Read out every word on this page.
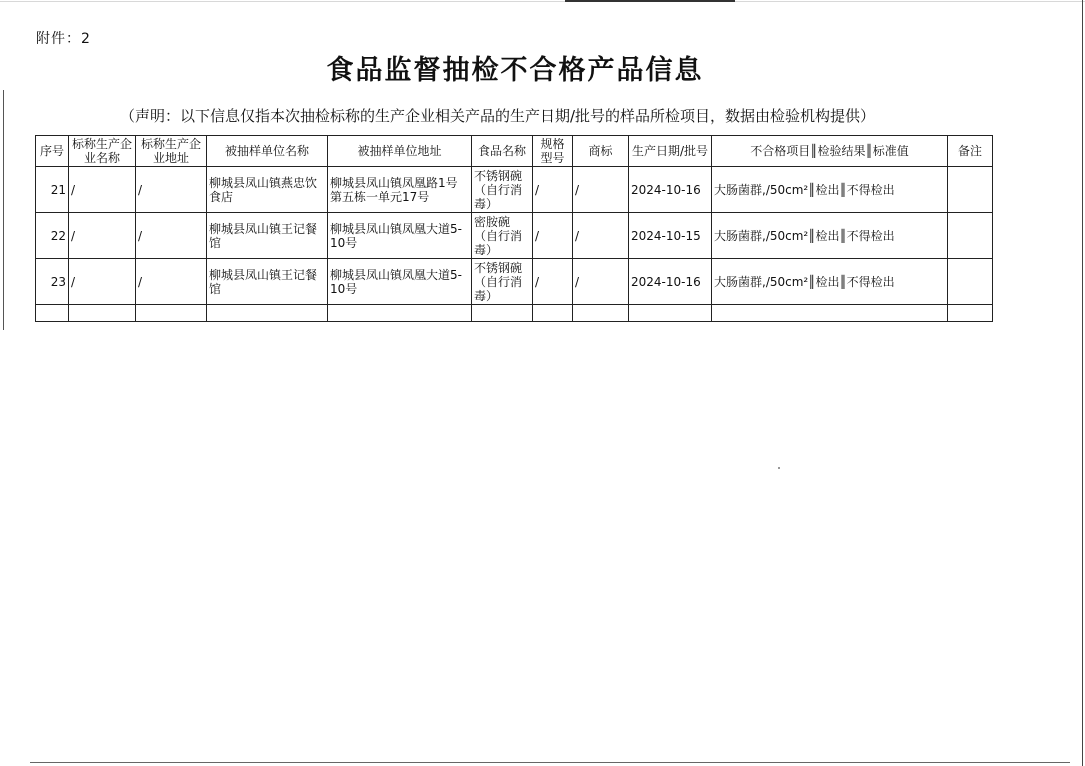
附件：2
食品监督抽检不合格产品信息
（声明：以下信息仅指本次抽检标称的生产企业相关产品的生产日期/批号的样品所检项目，数据由检验机构提供）
序号	标称生产企业名称	标称生产企业地址	被抽样单位名称	被抽样单位地址	食品名称	规格型号	商标	生产日期/批号	不合格项目║检验结果║标准值	备注
21	/	/	柳城县凤山镇燕忠饮食店	柳城县凤山镇凤凰路1号第五栋一单元17号	不锈钢碗（自行消毒）	/	/	2024-10-16	大肠菌群,/50cm²║检出║不得检出	
22	/	/	柳城县凤山镇王记餐馆	柳城县凤山镇凤凰大道5-10号	密胺碗（自行消毒）	/	/	2024-10-15	大肠菌群,/50cm²║检出║不得检出	
23	/	/	柳城县凤山镇王记餐馆	柳城县凤山镇凤凰大道5-10号	不锈钢碗（自行消毒）	/	/	2024-10-16	大肠菌群,/50cm²║检出║不得检出	
